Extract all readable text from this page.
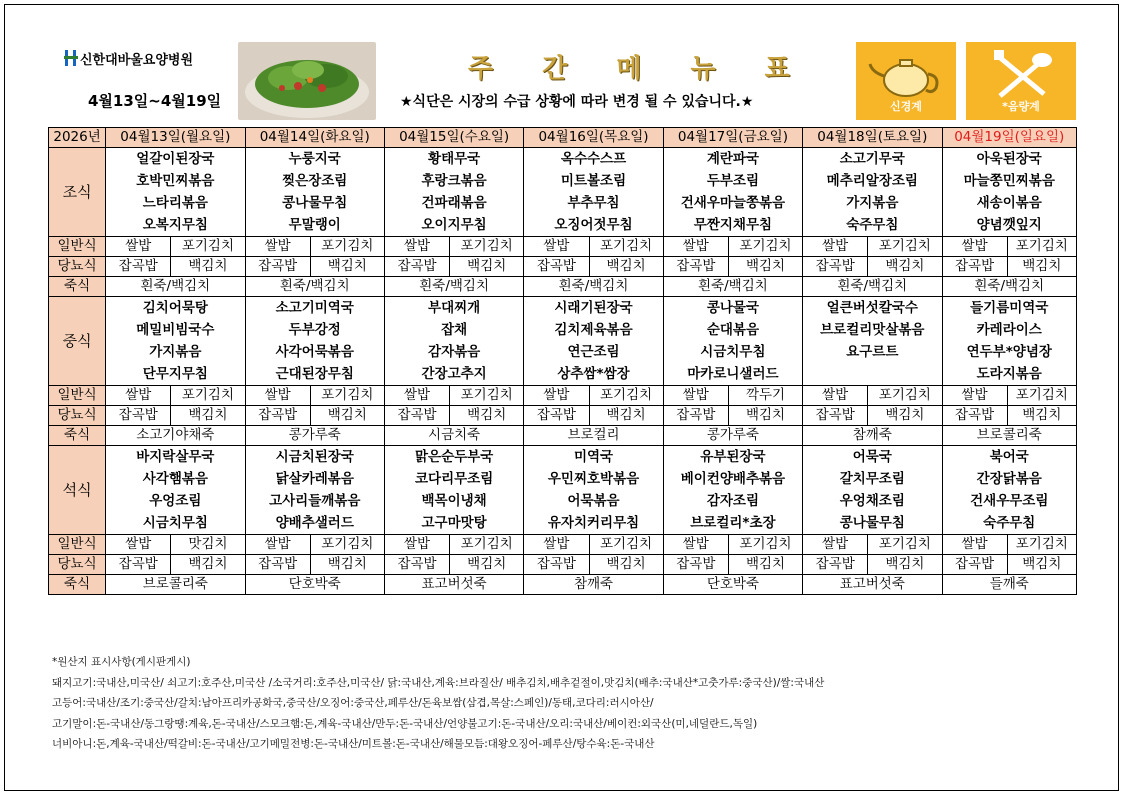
신한대바울요양병원
4월13일~4월19일
주 간 메 뉴 표
★식단은 시장의 수급 상황에 따라 변경 될 수 있습니다.★	신경계	*음량계
2026년	04월13일(월요일)		04월14일(화요일)		04월15일(수요일)		04월16일(목요일)		04월17일(금요일)		04월18일(토요일)		04월19일(일요일)	
조식	얼갈이된장국		누룽지국		황태무국		옥수수스프		계란파국		소고기무국		아욱된장국	
	호박민찌볶음		찢은장조림		후랑크볶음		미트볼조림		두부조림		메추리알장조림		마늘쫑민찌볶음	
	느타리볶음		콩나물무침		건파래볶음		부추무침		건새우마늘쫑볶음		가지볶음		새송이볶음	
	오복지무침		무말랭이		오이지무침		오징어젓무침		무짠지채무침		숙주무침		양념깻잎지	
일반식	쌀밥	포기김치	쌀밥	포기김치	쌀밥	포기김치	쌀밥	포기김치	쌀밥	포기김치	쌀밥	포기김치	쌀밥	포기김치
당뇨식	잡곡밥	백김치	잡곡밥	백김치	잡곡밥	백김치	잡곡밥	백김치	잡곡밥	백김치	잡곡밥	백김치	잡곡밥	백김치
죽식	흰죽/백김치		흰죽/백김치		흰죽/백김치		흰죽/백김치		흰죽/백김치		흰죽/백김치		흰죽/백김치	
중식	김치어묵탕		소고기미역국		부대찌개		시래기된장국		콩나물국		얼큰버섯칼국수		들기름미역국	
	메밀비빔국수		두부강정		잡채		김치제육볶음		순대볶음		브로컬리맛살볶음		카레라이스	
	가지볶음		사각어묵볶음		감자볶음		연근조림		시금치무침		요구르트		연두부*양념장	
	단무지무침		근대된장무침		간장고추지		상추쌈*쌈장		마카로니샐러드				도라지볶음	
일반식	쌀밥	포기김치	쌀밥	포기김치	쌀밥	포기김치	쌀밥	포기김치	쌀밥	깍두기	쌀밥	포기김치	쌀밥	포기김치
당뇨식	잡곡밥	백김치	잡곡밥	백김치	잡곡밥	백김치	잡곡밥	백김치	잡곡밥	백김치	잡곡밥	백김치	잡곡밥	백김치
죽식	소고기야채죽		콩가루죽		시금치죽		브로컬리		콩가루죽		참깨죽		브로콜리죽	
석식	바지락살무국		시금치된장국		맑은순두부국		미역국		유부된장국		어묵국		북어국	
	사각햄볶음		닭살카레볶음		코다리무조림		우민찌호박볶음		베이컨양배추볶음		갈치무조림		간장닭볶음	
	우엉조림		고사리들깨볶음		백목이냉채		어묵볶음		감자조림		우엉채조림		건새우무조림	
	시금치무침		양배추샐러드		고구마맛탕		유자치커리무침		브로컬리*초장		콩나물무침		숙주무침	
일반식	쌀밥	맛김치	쌀밥	포기김치	쌀밥	포기김치	쌀밥	포기김치	쌀밥	포기김치	쌀밥	포기김치	쌀밥	포기김치
당뇨식	잡곡밥	백김치	잡곡밥	백김치	잡곡밥	백김치	잡곡밥	백김치	잡곡밥	백김치	잡곡밥	백김치	잡곡밥	백김치
죽식	브로콜리죽		단호박죽		표고버섯죽		참깨죽		단호박죽		표고버섯죽		들깨죽	
*원산지 표시사항(게시판게시)
돼지고기:국내산,미국산/ 쇠고기:호주산,미국산 /소국거리:호주산,미국산/ 닭:국내산,계육:브라질산/ 배추김치,배추겉절이,맛김치(배추:국내산*고춧가루:중국산)/쌀:국내산
고등어:국내산/조기:중국산/갈치:남아프리카공화국,중국산/오징어:중국산,페루산/돈육보쌈(삼겹,목살:스페인)/동태,코다리:러시아산/
고기말이:돈-국내산/동그랑땡:계육,돈-국내산/스모크햄:돈,계육-국내산/만두:돈-국내산/언양불고기:돈-국내산/오리:국내산/베이컨:외국산(미,네덜란드,독일)
너비아니:돈,계육-국내산/떡갈비:돈-국내산/고기메밀전병:돈-국내산/미트볼:돈-국내산/해물모듬:대왕오징어-페루산/탕수육:돈-국내산
